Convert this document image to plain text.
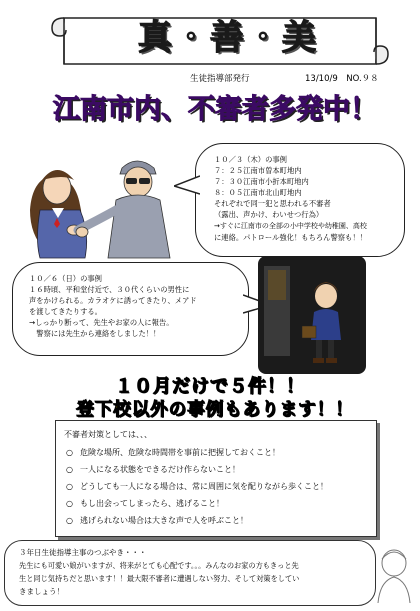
真・善・美
生徒指導部発行	13/10/9　NO.９８
江南市内、不審者多発中！
１０／３（木）の事例
７：２５江南市曽本町地内
７：３０江南市小折本町地内
８：０５江南市北山町地内
それぞれで同一犯と思われる不審者
（露出、声かけ、わいせつ行為）
→すぐに江南市の全部の小中学校や幼稚園、高校
に連絡。パトロール強化！もちろん警察も！！
１０／６（日）の事例
１６時頃、平和堂付近で、３０代くらいの男性に
声をかけられる。カラオケに誘ってきたり、メアド
を渡してきたりする。
→しっかり断って、先生やお家の人に報告。
　警察には先生から連絡をしました！！
１０月だけで５件！！
登下校以外の事例もあります！！
不審者対策としては、、、
○ 危険な場所、危険な時間帯を事前に把握しておくこと！
○ 一人になる状態をできるだけ作らないこと！
○ どうしても一人になる場合は、常に周囲に気を配りながら歩くこと！
○ もし出会ってしまったら、逃げること！
○ 逃げられない場合は大きな声で人を呼ぶこと！
３年日生徒指導主事のつぶやき・・・
先生にも可愛い娘がいますが、将来がとても心配です。。。みんなのお家の方もきっと先
生と同じ気持ちだと思います！！最大限不審者に遭遇しない努力、そして対策をしてい
きましょう！
